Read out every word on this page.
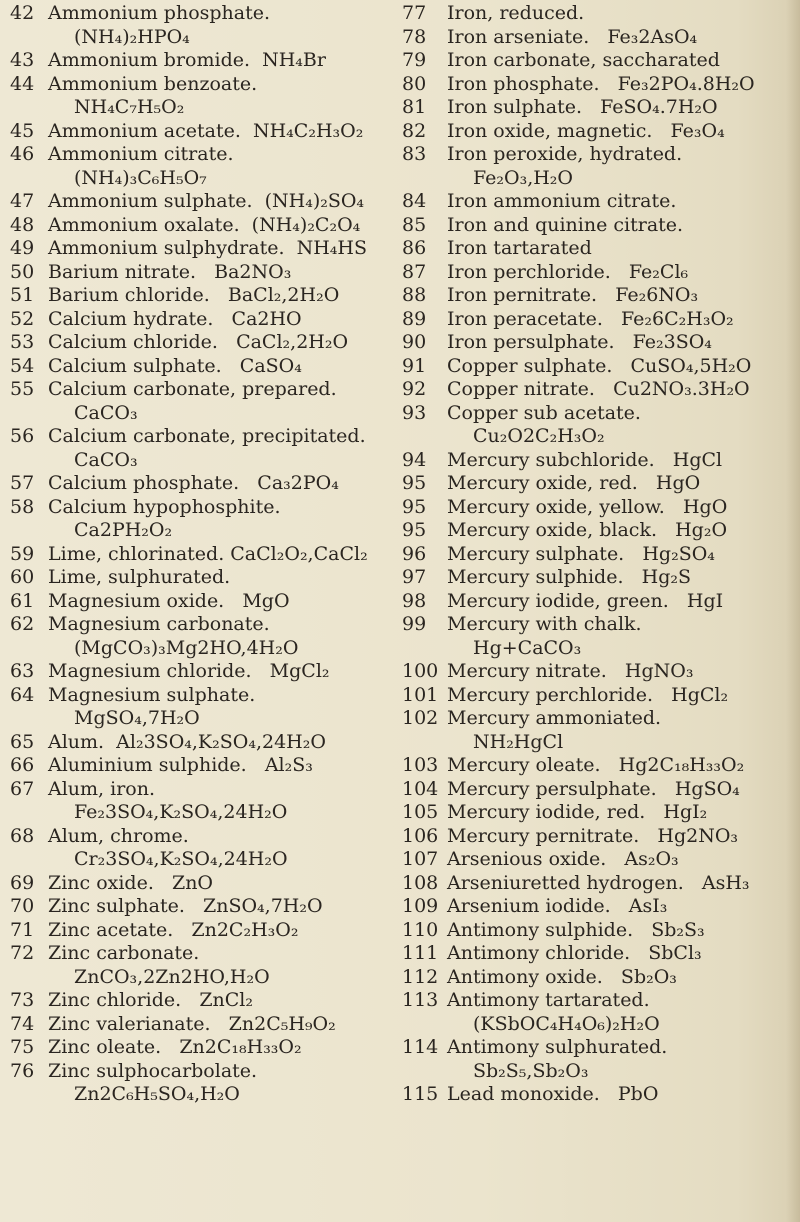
42 Ammonium phosphate.
(NH₄)₂HPO₄
43 Ammonium bromide.  NH₄Br
44 Ammonium benzoate.
NH₄C₇H₅O₂
45 Ammonium acetate.  NH₄C₂H₃O₂
46 Ammonium citrate.
(NH₄)₃C₆H₅O₇
47 Ammonium sulphate.  (NH₄)₂SO₄
48 Ammonium oxalate.  (NH₄)₂C₂O₄
49 Ammonium sulphydrate.  NH₄HS
50 Barium nitrate.   Ba2NO₃
51 Barium chloride.   BaCl₂,2H₂O
52 Calcium hydrate.   Ca2HO
53 Calcium chloride.   CaCl₂,2H₂O
54 Calcium sulphate.   CaSO₄
55 Calcium carbonate, prepared.
CaCO₃
56 Calcium carbonate, precipitated.
CaCO₃
57 Calcium phosphate.   Ca₃2PO₄
58 Calcium hypophosphite.
Ca2PH₂O₂
59 Lime, chlorinated. CaCl₂O₂,CaCl₂
60 Lime, sulphurated.
61 Magnesium oxide.   MgO
62 Magnesium carbonate.
(MgCO₃)₃Mg2HO,4H₂O
63 Magnesium chloride.   MgCl₂
64 Magnesium sulphate.
MgSO₄,7H₂O
65 Alum.  Al₂3SO₄,K₂SO₄,24H₂O
66 Aluminium sulphide.   Al₂S₃
67 Alum, iron.
Fe₂3SO₄,K₂SO₄,24H₂O
68 Alum, chrome.
Cr₂3SO₄,K₂SO₄,24H₂O
69 Zinc oxide.   ZnO
70 Zinc sulphate.   ZnSO₄,7H₂O
71 Zinc acetate.   Zn2C₂H₃O₂
72 Zinc carbonate.
ZnCO₃,2Zn2HO,H₂O
73 Zinc chloride.   ZnCl₂
74 Zinc valerianate.   Zn2C₅H₉O₂
75 Zinc oleate.   Zn2C₁₈H₃₃O₂
76 Zinc sulphocarbolate.
Zn2C₆H₅SO₄,H₂O
77	Iron, reduced.
78	Iron arseniate.   Fe₃2AsO₄
79	Iron carbonate, saccharated
80	Iron phosphate.   Fe₃2PO₄.8H₂O
81	Iron sulphate.   FeSO₄.7H₂O
82	Iron oxide, magnetic.   Fe₃O₄
83	Iron peroxide, hydrated.
Fe₂O₃,H₂O
84	Iron ammonium citrate.
85	Iron and quinine citrate.
86	Iron tartarated
87	Iron perchloride.   Fe₂Cl₆
88	Iron pernitrate.   Fe₂6NO₃
89	Iron peracetate.   Fe₂6C₂H₃O₂
90	Iron persulphate.   Fe₂3SO₄
91	Copper sulphate.   CuSO₄,5H₂O
92	Copper nitrate.   Cu2NO₃.3H₂O
93	Copper sub acetate.
Cu₂O2C₂H₃O₂
94	Mercury subchloride.   HgCl
95	Mercury oxide, red.   HgO
95	Mercury oxide, yellow.   HgO
95	Mercury oxide, black.   Hg₂O
96	Mercury sulphate.   Hg₂SO₄
97	Mercury sulphide.   Hg₂S
98	Mercury iodide, green.   HgI
99	Mercury with chalk.
Hg+CaCO₃
100 Mercury nitrate.   HgNO₃
101 Mercury perchloride.   HgCl₂
102 Mercury ammoniated.
NH₂HgCl
103 Mercury oleate.   Hg2C₁₈H₃₃O₂
104 Mercury persulphate.   HgSO₄
105 Mercury iodide, red.   HgI₂
106 Mercury pernitrate.   Hg2NO₃
107 Arsenious oxide.   As₂O₃
108 Arseniuretted hydrogen.   AsH₃
109 Arsenium iodide.   AsI₃
110 Antimony sulphide.   Sb₂S₃
111 Antimony chloride.   SbCl₃
112 Antimony oxide.   Sb₂O₃
113 Antimony tartarated.
(KSbOC₄H₄O₆)₂H₂O
114 Antimony sulphurated.
Sb₂S₅,Sb₂O₃
115 Lead monoxide.   PbO
